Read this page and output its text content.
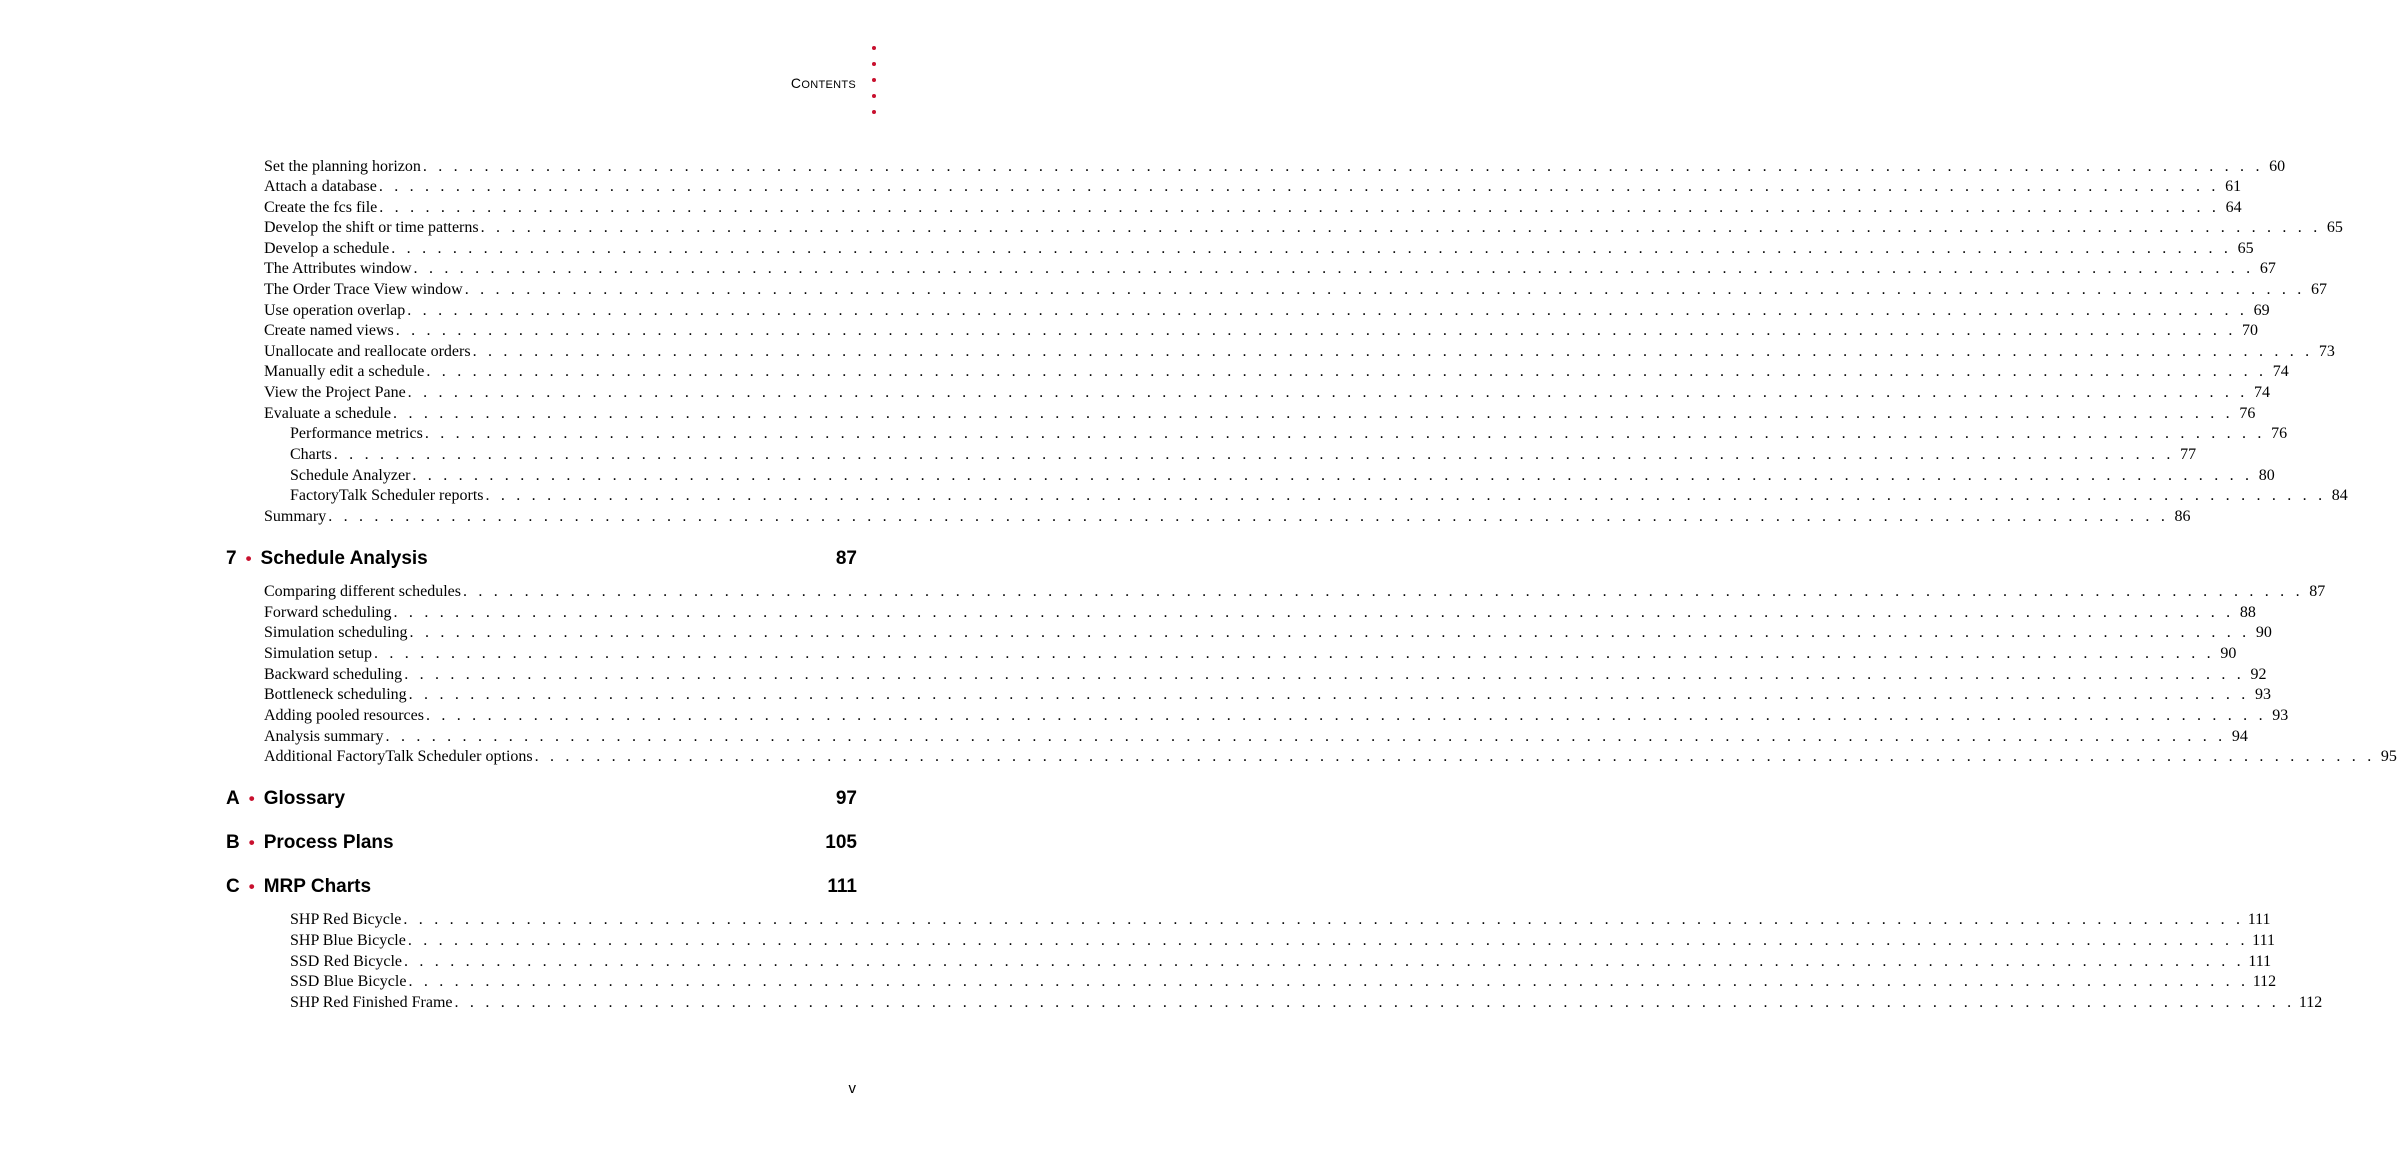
CONTENTS
Set the planning horizon . . . . . . . . . . . . . . . . . . . . . . . . . . . . . . . . . . . . . . . . . . . . . . . . . . . . . . . . . . . . . . . . . . . . . . . . . . . . . . . . . . . . . . . . . . . . . . . . . . . . . . . . . . . . . . . . . . . . . . . . 60
Attach a database . . . . . . . . . . . . . . . . . . . . . . . . . . . . . . . . . . . . . . . . . . . . . . . . . . . . . . . . . . . . . . . . . . . . . . . . . . . . . . . . . . . . . . . . . . . . . . . . . . . . . . . . . . . . . . . . . . . . . . . . 61
Create the fcs file . . . . . . . . . . . . . . . . . . . . . . . . . . . . . . . . . . . . . . . . . . . . . . . . . . . . . . . . . . . . . . . . . . . . . . . . . . . . . . . . . . . . . . . . . . . . . . . . . . . . . . . . . . . . . . . . . . . . . . . . 64
Develop the shift or time patterns . . . . . . . . . . . . . . . . . . . . . . . . . . . . . . . . . . . . . . . . . . . . . . . . . . . . . . . . . . . . . . . . . . . . . . . . . . . . . . . . . . . . . . . . . . . . . . . . . . . . . . . . . . . . . . . . . . . . . . . . 65
Develop a schedule . . . . . . . . . . . . . . . . . . . . . . . . . . . . . . . . . . . . . . . . . . . . . . . . . . . . . . . . . . . . . . . . . . . . . . . . . . . . . . . . . . . . . . . . . . . . . . . . . . . . . . . . . . . . . . . . . . . . . . . . 65
The Attributes window . . . . . . . . . . . . . . . . . . . . . . . . . . . . . . . . . . . . . . . . . . . . . . . . . . . . . . . . . . . . . . . . . . . . . . . . . . . . . . . . . . . . . . . . . . . . . . . . . . . . . . . . . . . . . . . . . . . . . . . . 67
The Order Trace View window . . . . . . . . . . . . . . . . . . . . . . . . . . . . . . . . . . . . . . . . . . . . . . . . . . . . . . . . . . . . . . . . . . . . . . . . . . . . . . . . . . . . . . . . . . . . . . . . . . . . . . . . . . . . . . . . . . . . . . . . 67
Use operation overlap . . . . . . . . . . . . . . . . . . . . . . . . . . . . . . . . . . . . . . . . . . . . . . . . . . . . . . . . . . . . . . . . . . . . . . . . . . . . . . . . . . . . . . . . . . . . . . . . . . . . . . . . . . . . . . . . . . . . . . . . 69
Create named views . . . . . . . . . . . . . . . . . . . . . . . . . . . . . . . . . . . . . . . . . . . . . . . . . . . . . . . . . . . . . . . . . . . . . . . . . . . . . . . . . . . . . . . . . . . . . . . . . . . . . . . . . . . . . . . . . . . . . . . . 70
Unallocate and reallocate orders . . . . . . . . . . . . . . . . . . . . . . . . . . . . . . . . . . . . . . . . . . . . . . . . . . . . . . . . . . . . . . . . . . . . . . . . . . . . . . . . . . . . . . . . . . . . . . . . . . . . . . . . . . . . . . . . . . . . . . . . 73
Manually edit a schedule . . . . . . . . . . . . . . . . . . . . . . . . . . . . . . . . . . . . . . . . . . . . . . . . . . . . . . . . . . . . . . . . . . . . . . . . . . . . . . . . . . . . . . . . . . . . . . . . . . . . . . . . . . . . . . . . . . . . . . . . 74
View the Project Pane . . . . . . . . . . . . . . . . . . . . . . . . . . . . . . . . . . . . . . . . . . . . . . . . . . . . . . . . . . . . . . . . . . . . . . . . . . . . . . . . . . . . . . . . . . . . . . . . . . . . . . . . . . . . . . . . . . . . . . . . 74
Evaluate a schedule . . . . . . . . . . . . . . . . . . . . . . . . . . . . . . . . . . . . . . . . . . . . . . . . . . . . . . . . . . . . . . . . . . . . . . . . . . . . . . . . . . . . . . . . . . . . . . . . . . . . . . . . . . . . . . . . . . . . . . . . 76
Performance metrics . . . . . . . . . . . . . . . . . . . . . . . . . . . . . . . . . . . . . . . . . . . . . . . . . . . . . . . . . . . . . . . . . . . . . . . . . . . . . . . . . . . . . . . . . . . . . . . . . . . . . . . . . . . . . . . . . . . . . . . . 76
Charts . . . . . . . . . . . . . . . . . . . . . . . . . . . . . . . . . . . . . . . . . . . . . . . . . . . . . . . . . . . . . . . . . . . . . . . . . . . . . . . . . . . . . . . . . . . . . . . . . . . . . . . . . . . . . . . . . . . . . . . . 77
Schedule Analyzer . . . . . . . . . . . . . . . . . . . . . . . . . . . . . . . . . . . . . . . . . . . . . . . . . . . . . . . . . . . . . . . . . . . . . . . . . . . . . . . . . . . . . . . . . . . . . . . . . . . . . . . . . . . . . . . . . . . . . . . . 80
FactoryTalk Scheduler reports . . . . . . . . . . . . . . . . . . . . . . . . . . . . . . . . . . . . . . . . . . . . . . . . . . . . . . . . . . . . . . . . . . . . . . . . . . . . . . . . . . . . . . . . . . . . . . . . . . . . . . . . . . . . . . . . . . . . . . . . 84
Summary . . . . . . . . . . . . . . . . . . . . . . . . . . . . . . . . . . . . . . . . . . . . . . . . . . . . . . . . . . . . . . . . . . . . . . . . . . . . . . . . . . . . . . . . . . . . . . . . . . . . . . . . . . . . . . . . . . . . . . . . 86
7 • Schedule Analysis	87
Comparing different schedules . . . . . . . . . . . . . . . . . . . . . . . . . . . . . . . . . . . . . . . . . . . . . . . . . . . . . . . . . . . . . . . . . . . . . . . . . . . . . . . . . . . . . . . . . . . . . . . . . . . . . . . . . . . . . . . . . . . . . . . . 87
Forward scheduling . . . . . . . . . . . . . . . . . . . . . . . . . . . . . . . . . . . . . . . . . . . . . . . . . . . . . . . . . . . . . . . . . . . . . . . . . . . . . . . . . . . . . . . . . . . . . . . . . . . . . . . . . . . . . . . . . . . . . . . . 88
Simulation scheduling . . . . . . . . . . . . . . . . . . . . . . . . . . . . . . . . . . . . . . . . . . . . . . . . . . . . . . . . . . . . . . . . . . . . . . . . . . . . . . . . . . . . . . . . . . . . . . . . . . . . . . . . . . . . . . . . . . . . . . . . 90
Simulation setup . . . . . . . . . . . . . . . . . . . . . . . . . . . . . . . . . . . . . . . . . . . . . . . . . . . . . . . . . . . . . . . . . . . . . . . . . . . . . . . . . . . . . . . . . . . . . . . . . . . . . . . . . . . . . . . . . . . . . . . . 90
Backward scheduling . . . . . . . . . . . . . . . . . . . . . . . . . . . . . . . . . . . . . . . . . . . . . . . . . . . . . . . . . . . . . . . . . . . . . . . . . . . . . . . . . . . . . . . . . . . . . . . . . . . . . . . . . . . . . . . . . . . . . . . . 92
Bottleneck scheduling . . . . . . . . . . . . . . . . . . . . . . . . . . . . . . . . . . . . . . . . . . . . . . . . . . . . . . . . . . . . . . . . . . . . . . . . . . . . . . . . . . . . . . . . . . . . . . . . . . . . . . . . . . . . . . . . . . . . . . . . 93
Adding pooled resources . . . . . . . . . . . . . . . . . . . . . . . . . . . . . . . . . . . . . . . . . . . . . . . . . . . . . . . . . . . . . . . . . . . . . . . . . . . . . . . . . . . . . . . . . . . . . . . . . . . . . . . . . . . . . . . . . . . . . . . . 93
Analysis summary . . . . . . . . . . . . . . . . . . . . . . . . . . . . . . . . . . . . . . . . . . . . . . . . . . . . . . . . . . . . . . . . . . . . . . . . . . . . . . . . . . . . . . . . . . . . . . . . . . . . . . . . . . . . . . . . . . . . . . . . 94
Additional FactoryTalk Scheduler options . . . . . . . . . . . . . . . . . . . . . . . . . . . . . . . . . . . . . . . . . . . . . . . . . . . . . . . . . . . . . . . . . . . . . . . . . . . . . . . . . . . . . . . . . . . . . . . . . . . . . . . . . . . . . . . . . . . . . . . . 95
A • Glossary	97
B • Process Plans	105
C • MRP Charts	111
SHP Red Bicycle . . . . . . . . . . . . . . . . . . . . . . . . . . . . . . . . . . . . . . . . . . . . . . . . . . . . . . . . . . . . . . . . . . . . . . . . . . . . . . . . . . . . . . . . . . . . . . . . . . . . . . . . . . . . . . . . . . . . . . . . 111
SHP Blue Bicycle . . . . . . . . . . . . . . . . . . . . . . . . . . . . . . . . . . . . . . . . . . . . . . . . . . . . . . . . . . . . . . . . . . . . . . . . . . . . . . . . . . . . . . . . . . . . . . . . . . . . . . . . . . . . . . . . . . . . . . . . 111
SSD Red Bicycle . . . . . . . . . . . . . . . . . . . . . . . . . . . . . . . . . . . . . . . . . . . . . . . . . . . . . . . . . . . . . . . . . . . . . . . . . . . . . . . . . . . . . . . . . . . . . . . . . . . . . . . . . . . . . . . . . . . . . . . . 111
SSD Blue Bicycle . . . . . . . . . . . . . . . . . . . . . . . . . . . . . . . . . . . . . . . . . . . . . . . . . . . . . . . . . . . . . . . . . . . . . . . . . . . . . . . . . . . . . . . . . . . . . . . . . . . . . . . . . . . . . . . . . . . . . . . . 112
SHP Red Finished Frame . . . . . . . . . . . . . . . . . . . . . . . . . . . . . . . . . . . . . . . . . . . . . . . . . . . . . . . . . . . . . . . . . . . . . . . . . . . . . . . . . . . . . . . . . . . . . . . . . . . . . . . . . . . . . . . . . . . . . . . . 112
v
